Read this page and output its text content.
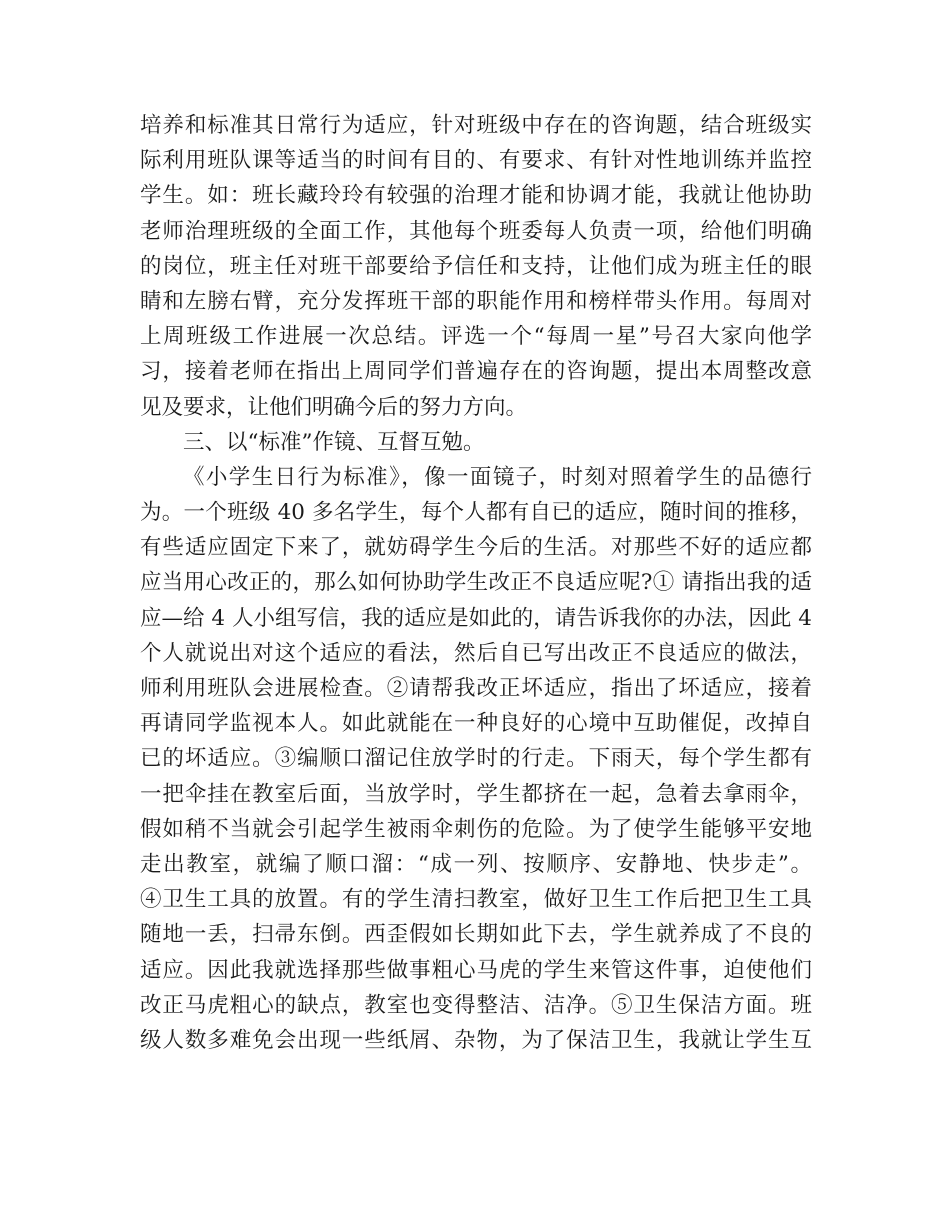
培养和标准其日常行为适应，针对班级中存在的咨询题，结合班级实
际利用班队课等适当的时间有目的、有要求、有针对性地训练并监控
学生。如：班长藏玲玲有较强的治理才能和协调才能，我就让他协助
老师治理班级的全面工作，其他每个班委每人负责一项，给他们明确
的岗位，班主任对班干部要给予信任和支持，让他们成为班主任的眼
睛和左膀右臂，充分发挥班干部的职能作用和榜样带头作用。每周对
上周班级工作进展一次总结。评选一个“每周一星”号召大家向他学
习，接着老师在指出上周同学们普遍存在的咨询题，提出本周整改意
见及要求，让他们明确今后的努力方向。
三、以“标准”作镜、互督互勉。
《小学生日行为标准》，像一面镜子，时刻对照着学生的品德行
为。一个班级 40 多名学生，每个人都有自已的适应，随时间的推移，
有些适应固定下来了，就妨碍学生今后的生活。对那些不好的适应都
应当用心改正的，那么如何协助学生改正不良适应呢?① 请指出我的适
应—给 4 人小组写信，我的适应是如此的，请告诉我你的办法，因此 4
个人就说出对这个适应的看法，然后自已写出改正不良适应的做法，
师利用班队会进展检查。②请帮我改正坏适应，指出了坏适应，接着
再请同学监视本人。如此就能在一种良好的心境中互助催促，改掉自
已的坏适应。③编顺口溜记住放学时的行走。下雨天，每个学生都有
一把伞挂在教室后面，当放学时，学生都挤在一起，急着去拿雨伞，
假如稍不当就会引起学生被雨伞刺伤的危险。为了使学生能够平安地
走出教室，就编了顺口溜：“成一列、按顺序、安静地、快步走”。
④卫生工具的放置。有的学生清扫教室，做好卫生工作后把卫生工具
随地一丢，扫帚东倒。西歪假如长期如此下去，学生就养成了不良的
适应。因此我就选择那些做事粗心马虎的学生来管这件事，迫使他们
改正马虎粗心的缺点，教室也变得整洁、洁净。⑤卫生保洁方面。班
级人数多难免会出现一些纸屑、杂物，为了保洁卫生，我就让学生互
